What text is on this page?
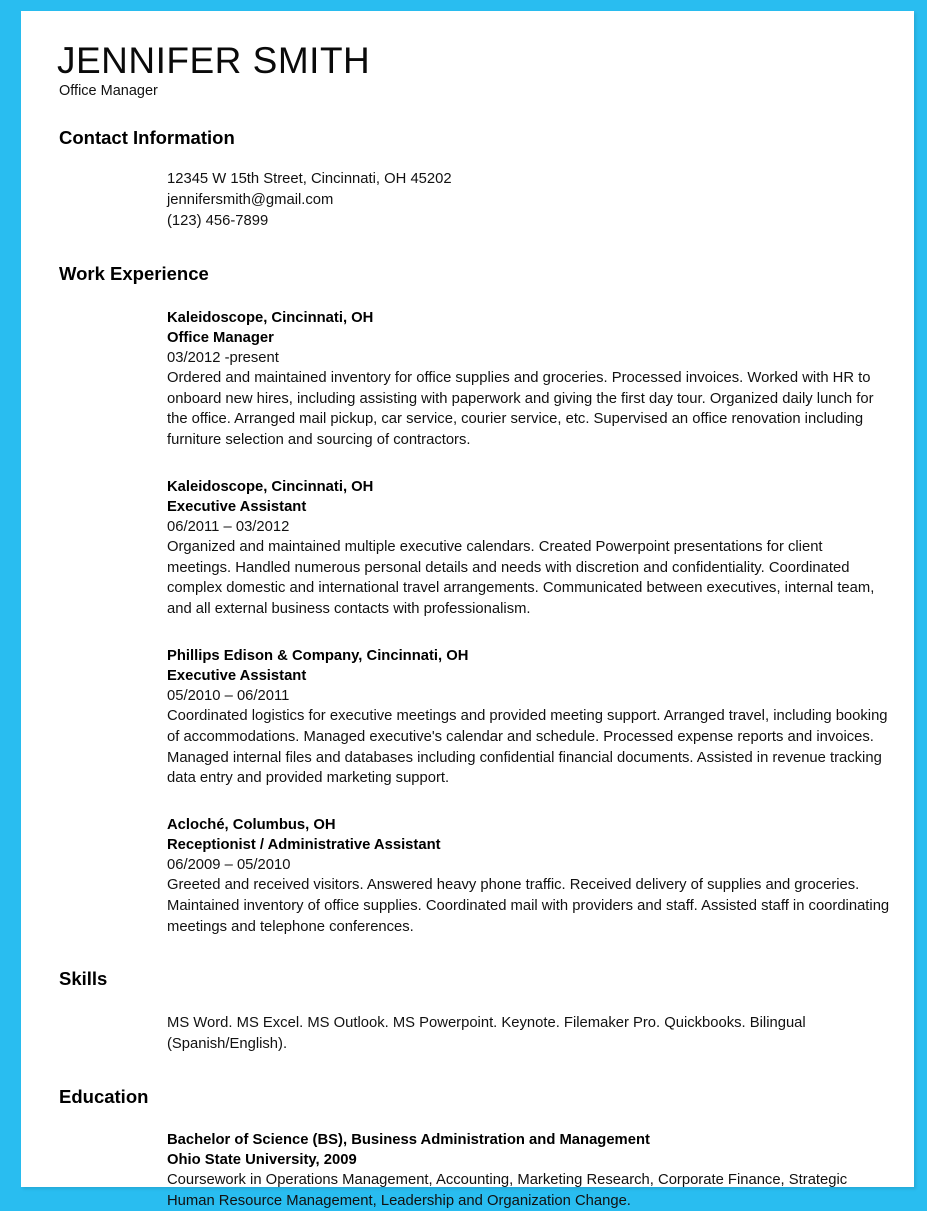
JENNIFER SMITH
Office Manager
Contact Information
12345 W 15th Street, Cincinnati, OH 45202
jennifersmith@gmail.com
(123) 456-7899
Work Experience
Kaleidoscope, Cincinnati, OH
Office Manager
03/2012 -present
Ordered and maintained inventory for office supplies and groceries. Processed invoices. Worked with HR to onboard new hires, including assisting with paperwork and giving the first day tour. Organized daily lunch for the office. Arranged mail pickup, car service, courier service, etc. Supervised an office renovation including furniture selection and sourcing of contractors.
Kaleidoscope, Cincinnati, OH
Executive Assistant
06/2011 – 03/2012
Organized and maintained multiple executive calendars. Created Powerpoint presentations for client meetings. Handled numerous personal details and needs with discretion and confidentiality. Coordinated complex domestic and international travel arrangements. Communicated between executives, internal team, and all external business contacts with professionalism.
Phillips Edison & Company, Cincinnati, OH
Executive Assistant
05/2010 – 06/2011
Coordinated logistics for executive meetings and provided meeting support. Arranged travel, including booking of accommodations. Managed executive's calendar and schedule. Processed expense reports and invoices. Managed internal files and databases including confidential financial documents. Assisted in revenue tracking data entry and provided marketing support.
Acloché, Columbus, OH
Receptionist / Administrative Assistant
06/2009 – 05/2010
Greeted and received visitors. Answered heavy phone traffic. Received delivery of supplies and groceries. Maintained inventory of office supplies. Coordinated mail with providers and staff. Assisted staff in coordinating meetings and telephone conferences.
Skills
MS Word. MS Excel. MS Outlook. MS Powerpoint. Keynote. Filemaker Pro. Quickbooks. Bilingual (Spanish/English).
Education
Bachelor of Science (BS), Business Administration and Management
Ohio State University, 2009
Coursework in Operations Management, Accounting, Marketing Research, Corporate Finance, Strategic Human Resource Management, Leadership and Organization Change.
